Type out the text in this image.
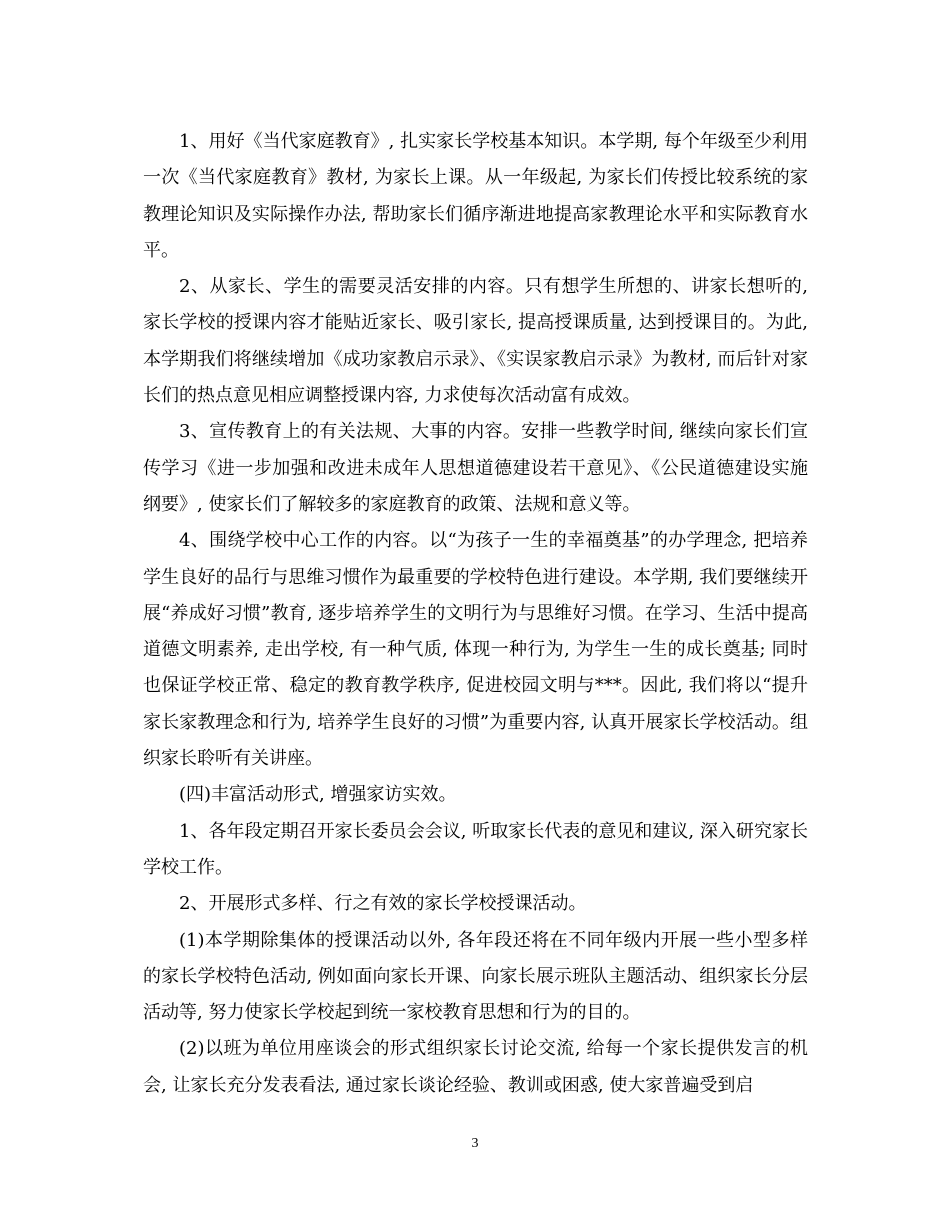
1、用好《当代家庭教育》, 扎实家长学校基本知识。本学期, 每个年级至少利用一次《当代家庭教育》教材, 为家长上课。从一年级起, 为家长们传授比较系统的家教理论知识及实际操作办法, 帮助家长们循序渐进地提高家教理论水平和实际教育水平。

2、从家长、学生的需要灵活安排的内容。只有想学生所想的、讲家长想听的, 家长学校的授课内容才能贴近家长、吸引家长, 提高授课质量, 达到授课目的。为此, 本学期我们将继续增加《成功家教启示录》、《实误家教启示录》为教材, 而后针对家长们的热点意见相应调整授课内容, 力求使每次活动富有成效。

3、宣传教育上的有关法规、大事的内容。安排一些教学时间, 继续向家长们宣传学习《进一步加强和改进未成年人思想道德建设若干意见》、《公民道德建设实施纲要》, 使家长们了解较多的家庭教育的政策、法规和意义等。

4、围绕学校中心工作的内容。以“为孩子一生的幸福奠基”的办学理念, 把培养学生良好的品行与思维习惯作为最重要的学校特色进行建设。本学期, 我们要继续开展“养成好习惯”教育, 逐步培养学生的文明行为与思维好习惯。在学习、生活中提高道德文明素养, 走出学校, 有一种气质, 体现一种行为, 为学生一生的成长奠基; 同时也保证学校正常、稳定的教育教学秩序, 促进校园文明与***。因此, 我们将以“提升家长家教理念和行为, 培养学生良好的习惯”为重要内容, 认真开展家长学校活动。组织家长聆听有关讲座。

(四)丰富活动形式, 增强家访实效。

1、各年段定期召开家长委员会会议, 听取家长代表的意见和建议, 深入研究家长学校工作。

2、开展形式多样、行之有效的家长学校授课活动。

(1)本学期除集体的授课活动以外, 各年段还将在不同年级内开展一些小型多样的家长学校特色活动, 例如面向家长开课、向家长展示班队主题活动、组织家长分层活动等, 努力使家长学校起到统一家校教育思想和行为的目的。

(2)以班为单位用座谈会的形式组织家长讨论交流, 给每一个家长提供发言的机会, 让家长充分发表看法, 通过家长谈论经验、教训或困惑, 使大家普遍受到启

3
